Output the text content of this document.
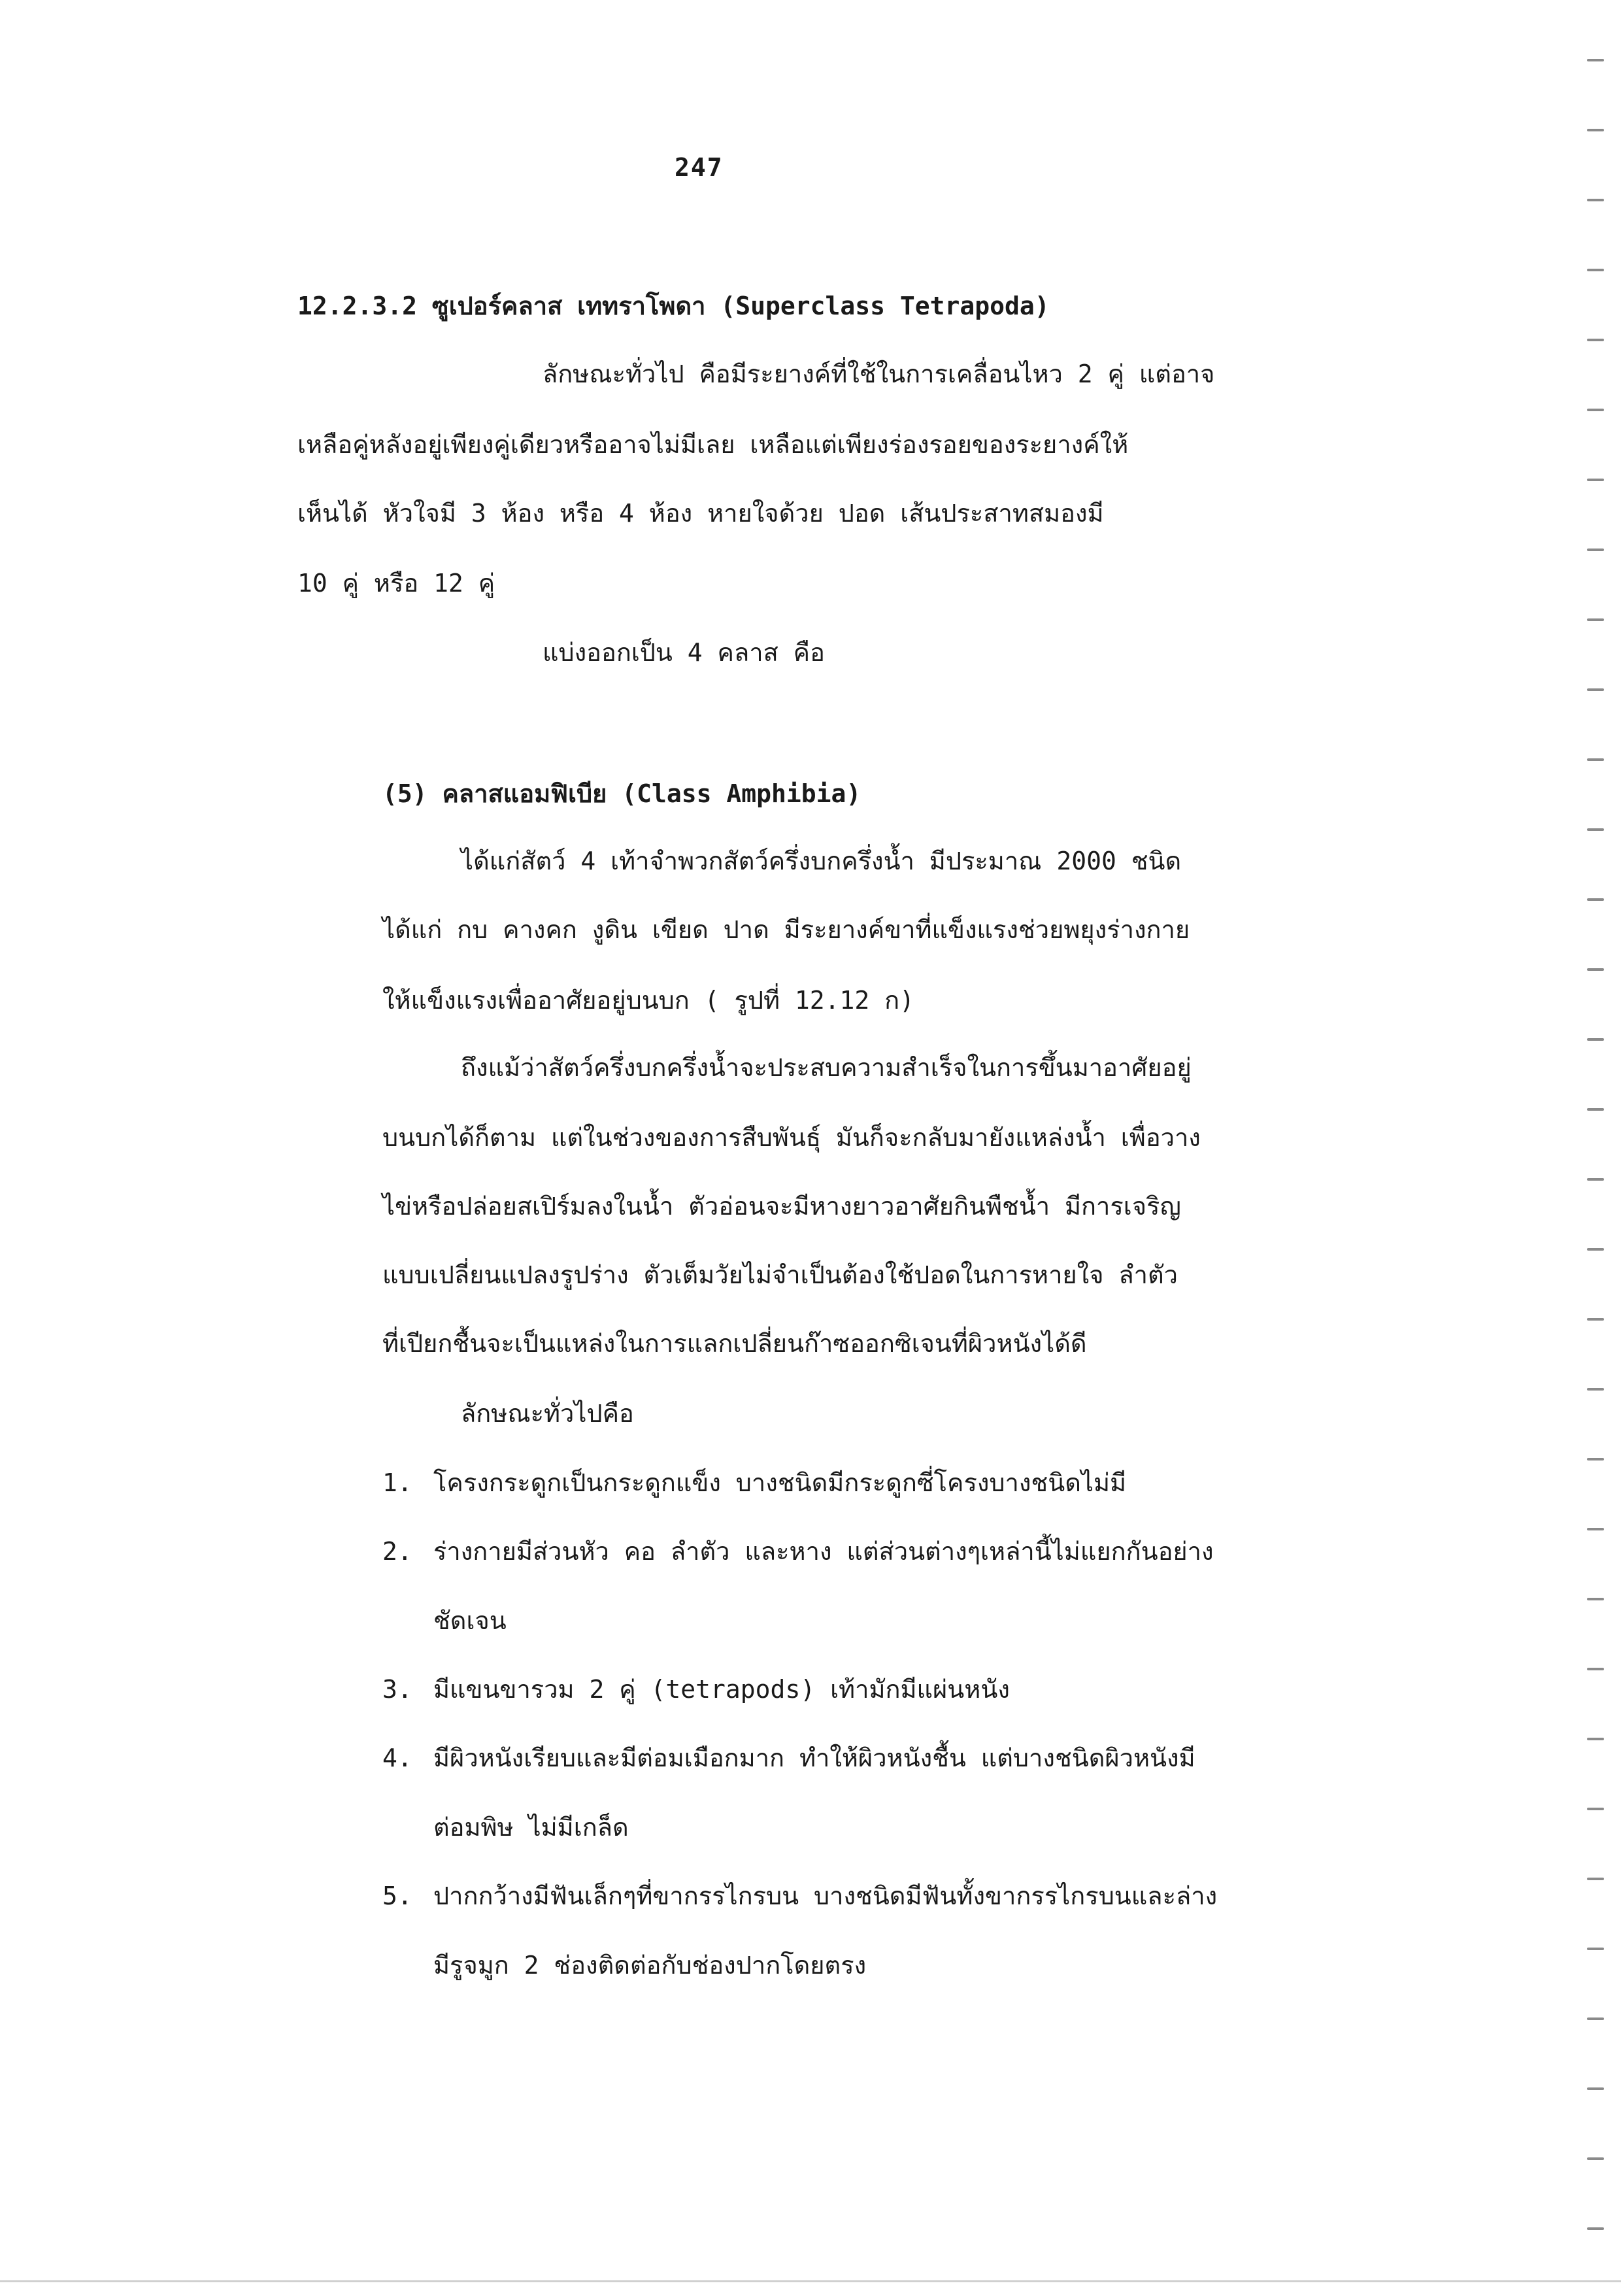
247
12.2.3.2 ซูเปอร์คลาส เททราโพดา (Superclass Tetrapoda)
ลักษณะทั่วไป คือมีระยางค์ที่ใช้ในการเคลื่อนไหว 2 คู่ แต่อาจ
เหลือคู่หลังอยู่เพียงคู่เดียวหรืออาจไม่มีเลย เหลือแต่เพียงร่องรอยของระยางค์ให้
เห็นได้ หัวใจมี 3 ห้อง หรือ 4 ห้อง หายใจด้วย ปอด เส้นประสาทสมองมี
10 คู่ หรือ 12 คู่
แบ่งออกเป็น 4 คลาส คือ
(5) คลาสแอมฟิเบีย (Class Amphibia)
ได้แก่สัตว์ 4 เท้าจำพวกสัตว์ครึ่งบกครึ่งน้ำ มีประมาณ 2000 ชนิด
ได้แก่ กบ คางคก งูดิน เขียด ปาด มีระยางค์ขาที่แข็งแรงช่วยพยุงร่างกาย
ให้แข็งแรงเพื่ออาศัยอยู่บนบก ( รูปที่ 12.12 ก)
ถึงแม้ว่าสัตว์ครึ่งบกครึ่งน้ำจะประสบความสำเร็จในการขึ้นมาอาศัยอยู่
บนบกได้ก็ตาม แต่ในช่วงของการสืบพันธุ์ มันก็จะกลับมายังแหล่งน้ำ เพื่อวาง
ไข่หรือปล่อยสเปิร์มลงในน้ำ ตัวอ่อนจะมีหางยาวอาศัยกินพืชน้ำ มีการเจริญ
แบบเปลี่ยนแปลงรูปร่าง ตัวเต็มวัยไม่จำเป็นต้องใช้ปอดในการหายใจ ลำตัว
ที่เปียกชื้นจะเป็นแหล่งในการแลกเปลี่ยนก๊าซออกซิเจนที่ผิวหนังได้ดี
ลักษณะทั่วไปคือ
1. โครงกระดูกเป็นกระดูกแข็ง บางชนิดมีกระดูกซี่โครงบางชนิดไม่มี
2. ร่างกายมีส่วนหัว คอ ลำตัว และหาง แต่ส่วนต่างๆเหล่านี้ไม่แยกกันอย่าง
ชัดเจน
3. มีแขนขารวม 2 คู่ (tetrapods) เท้ามักมีแผ่นหนัง
4. มีผิวหนังเรียบและมีต่อมเมือกมาก ทำให้ผิวหนังชื้น แต่บางชนิดผิวหนังมี
ต่อมพิษ ไม่มีเกล็ด
5. ปากกว้างมีฟันเล็กๆที่ขากรรไกรบน บางชนิดมีฟันทั้งขากรรไกรบนและล่าง
มีรูจมูก 2 ช่องติดต่อกับช่องปากโดยตรง
